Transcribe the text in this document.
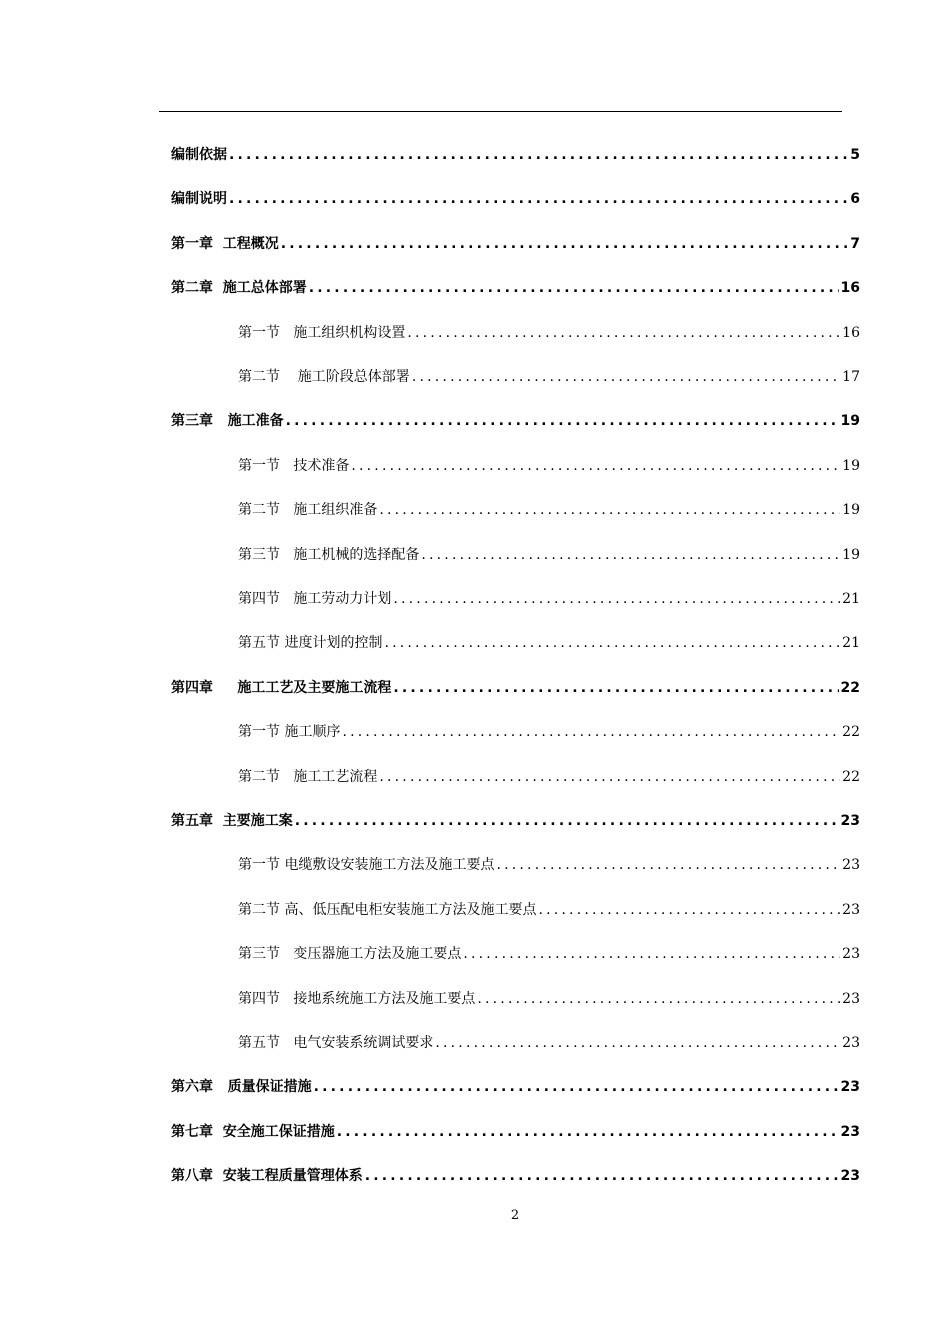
编制依据 .....	5
编制说明 .....	6
第一章 工程概况 .....	7
第二章 施工总体部署 .....	16
第一节 施工组织机构设置 .....	16
第二节 施工阶段总体部署 .....	17
第三章 施工准备 .....	19
第一节 技术准备 .....	19
第二节 施工组织准备 .....	19
第三节 施工机械的选择配备 .....	19
第四节 施工劳动力计划 .....	21
第五节 进度计划的控制 .....	21
第四章 施工工艺及主要施工流程 .....	22
第一节 施工顺序 .....	22
第二节 施工工艺流程 .....	22
第五章 主要施工案 .....	23
第一节 电缆敷设安装施工方法及施工要点 .....	23
第二节 高、低压配电柜安装施工方法及施工要点 .....	23
第三节 变压器施工方法及施工要点 .....	23
第四节 接地系统施工方法及施工要点 .....	23
第五节 电气安装系统调试要求 .....	23
第六章 质量保证措施 .....	23
第七章 安全施工保证措施 .....	23
第八章 安装工程质量管理体系 .....	23
2
